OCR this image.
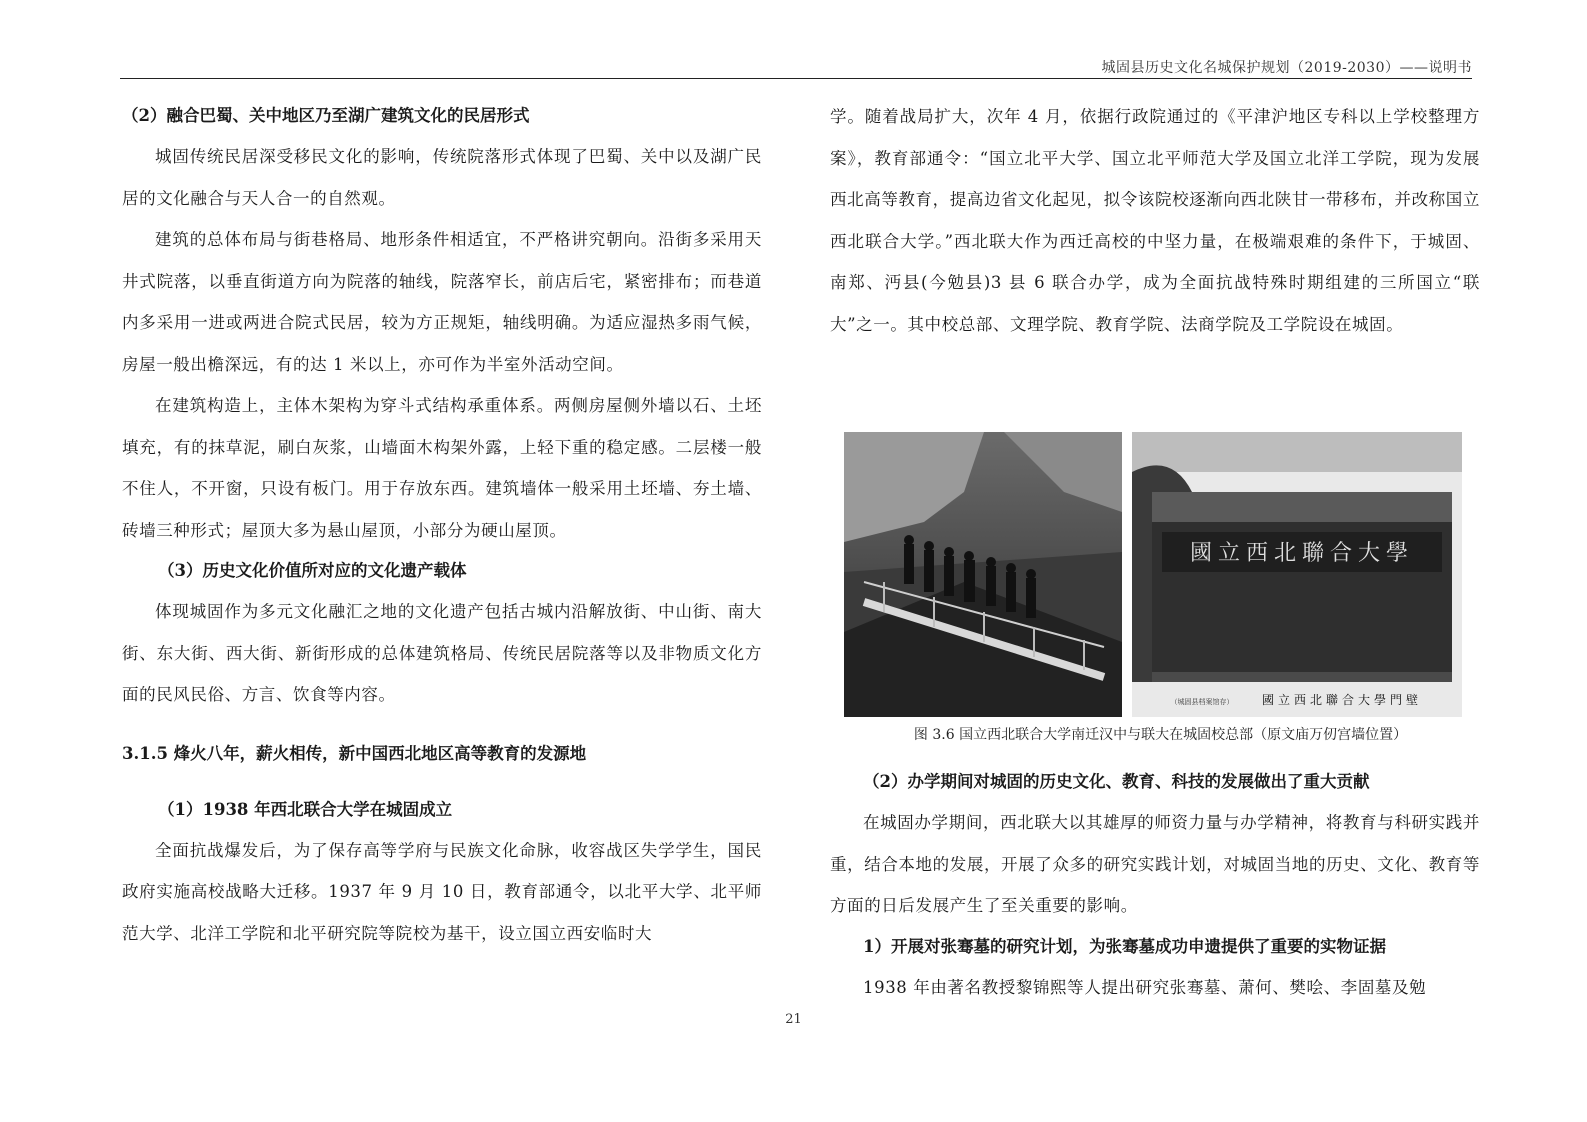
城固县历史文化名城保护规划（2019-2030）——说明书

（2）融合巴蜀、关中地区乃至湖广建筑文化的民居形式

城固传统民居深受移民文化的影响，传统院落形式体现了巴蜀、关中以及湖广民居的文化融合与天人合一的自然观。

建筑的总体布局与街巷格局、地形条件相适宜，不严格讲究朝向。沿街多采用天井式院落，以垂直街道方向为院落的轴线，院落窄长，前店后宅，紧密排布；而巷道内多采用一进或两进合院式民居，较为方正规矩，轴线明确。为适应湿热多雨气候，房屋一般出檐深远，有的达 1 米以上，亦可作为半室外活动空间。

在建筑构造上，主体木架构为穿斗式结构承重体系。两侧房屋侧外墙以石、土坯填充，有的抹草泥，刷白灰浆，山墙面木构架外露，上轻下重的稳定感。二层楼一般不住人，不开窗，只设有板门。用于存放东西。建筑墙体一般采用土坯墙、夯土墙、砖墙三种形式；屋顶大多为悬山屋顶，小部分为硬山屋顶。

（3）历史文化价值所对应的文化遗产载体

体现城固作为多元文化融汇之地的文化遗产包括古城内沿解放街、中山街、南大街、东大街、西大街、新街形成的总体建筑格局、传统民居院落等以及非物质文化方面的民风民俗、方言、饮食等内容。

3.1.5 烽火八年，薪火相传，新中国西北地区高等教育的发源地

（1）1938 年西北联合大学在城固成立

全面抗战爆发后，为了保存高等学府与民族文化命脉，收容战区失学学生，国民政府实施高校战略大迁移。1937 年 9 月 10 日，教育部通令，以北平大学、北平师范大学、北洋工学院和北平研究院等院校为基干，设立国立西安临时大

学。随着战局扩大，次年 4 月，依据行政院通过的《平津沪地区专科以上学校整理方案》，教育部通令：“国立北平大学、国立北平师范大学及国立北洋工学院，现为发展西北高等教育，提高边省文化起见，拟令该院校逐渐向西北陕甘一带移布，并改称国立西北联合大学。”西北联大作为西迁高校的中坚力量，在极端艰难的条件下，于城固、南郑、沔县(今勉县)3 县 6 联合办学，成为全面抗战特殊时期组建的三所国立“联大”之一。其中校总部、文理学院、教育学院、法商学院及工学院设在城固。

國立西北聯合大學
國立西北聯合大學門壁
（城固县档案馆存）
图 3.6 国立西北联合大学南迁汉中与联大在城固校总部（原文庙万仞宫墙位置）

（2）办学期间对城固的历史文化、教育、科技的发展做出了重大贡献

在城固办学期间，西北联大以其雄厚的师资力量与办学精神，将教育与科研实践并重，结合本地的发展，开展了众多的研究实践计划，对城固当地的历史、文化、教育等方面的日后发展产生了至关重要的影响。

1）开展对张骞墓的研究计划，为张骞墓成功申遗提供了重要的实物证据

1938 年由著名教授黎锦熙等人提出研究张骞墓、萧何、樊哙、李固墓及勉

21
